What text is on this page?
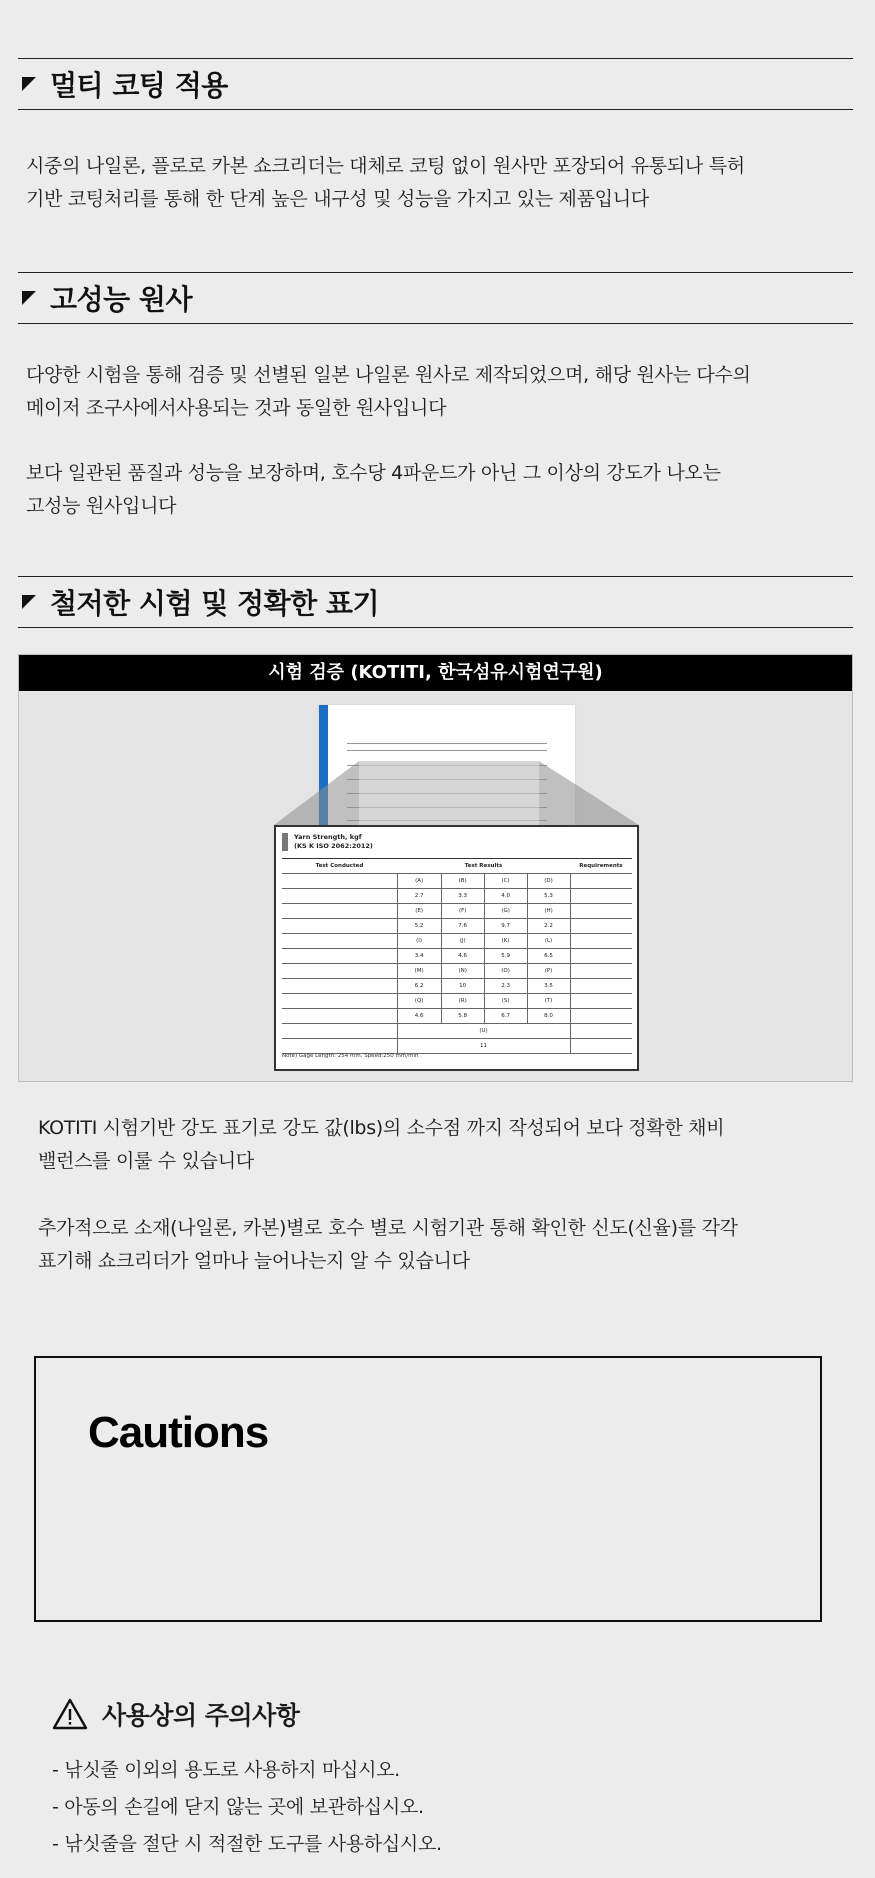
멀티 코팅 적용

시중의 나일론, 플로로 카본 쇼크리더는 대체로 코팅 없이 원사만 포장되어 유통되나 특허

기반 코팅처리를 통해 한 단계 높은 내구성 및 성능을 가지고 있는 제품입니다

고성능 원사

다양한 시험을 통해 검증 및 선별된 일본 나일론 원사로 제작되었으며, 해당 원사는 다수의

메이저 조구사에서사용되는 것과 동일한 원사입니다

보다 일관된 품질과 성능을 보장하며, 호수당 4파운드가 아닌 그 이상의 강도가 나오는

고성능 원사입니다

철저한 시험 및 정확한 표기
시험 검증 (KOTITI, 한국섬유시험연구원)
Yarn Strength, kgf
(KS K ISO 2062:2012)
Test Conducted	Test Results				Requirements
	(A)	(B)	(C)	(D)	
	2.7	3.3	4.0	5.3	
	(E)	(F)	(G)	(H)	
	5.2	7.6	9.7	2.2	
	(I)	(J)	(K)	(L)	
	3.4	4.6	5.9	6.5	
	(M)	(N)	(O)	(P)	
	6.2	10	2.3	3.5	
	(Q)	(R)	(S)	(T)	
	4.6	5.8	6.7	8.0	
	(U)				
	11				
Note) Gage Length: 254 mm, Speed:250 mm/min

KOTITI 시험기반 강도 표기로 강도 값(lbs)의 소수점 까지 작성되어 보다 정확한 채비

밸런스를 이룰 수 있습니다

추가적으로 소재(나일론, 카본)별로 호수 별로 시험기관 통해 확인한 신도(신율)를 각각

표기해 쇼크리더가 얼마나 늘어나는지 알 수 있습니다

Cautions
사용상의 주의사항
- 낚싯줄 이외의 용도로 사용하지 마십시오.
- 아동의 손길에 닫지 않는 곳에 보관하십시오.
- 낚싯줄을 절단 시 적절한 도구를 사용하십시오.
